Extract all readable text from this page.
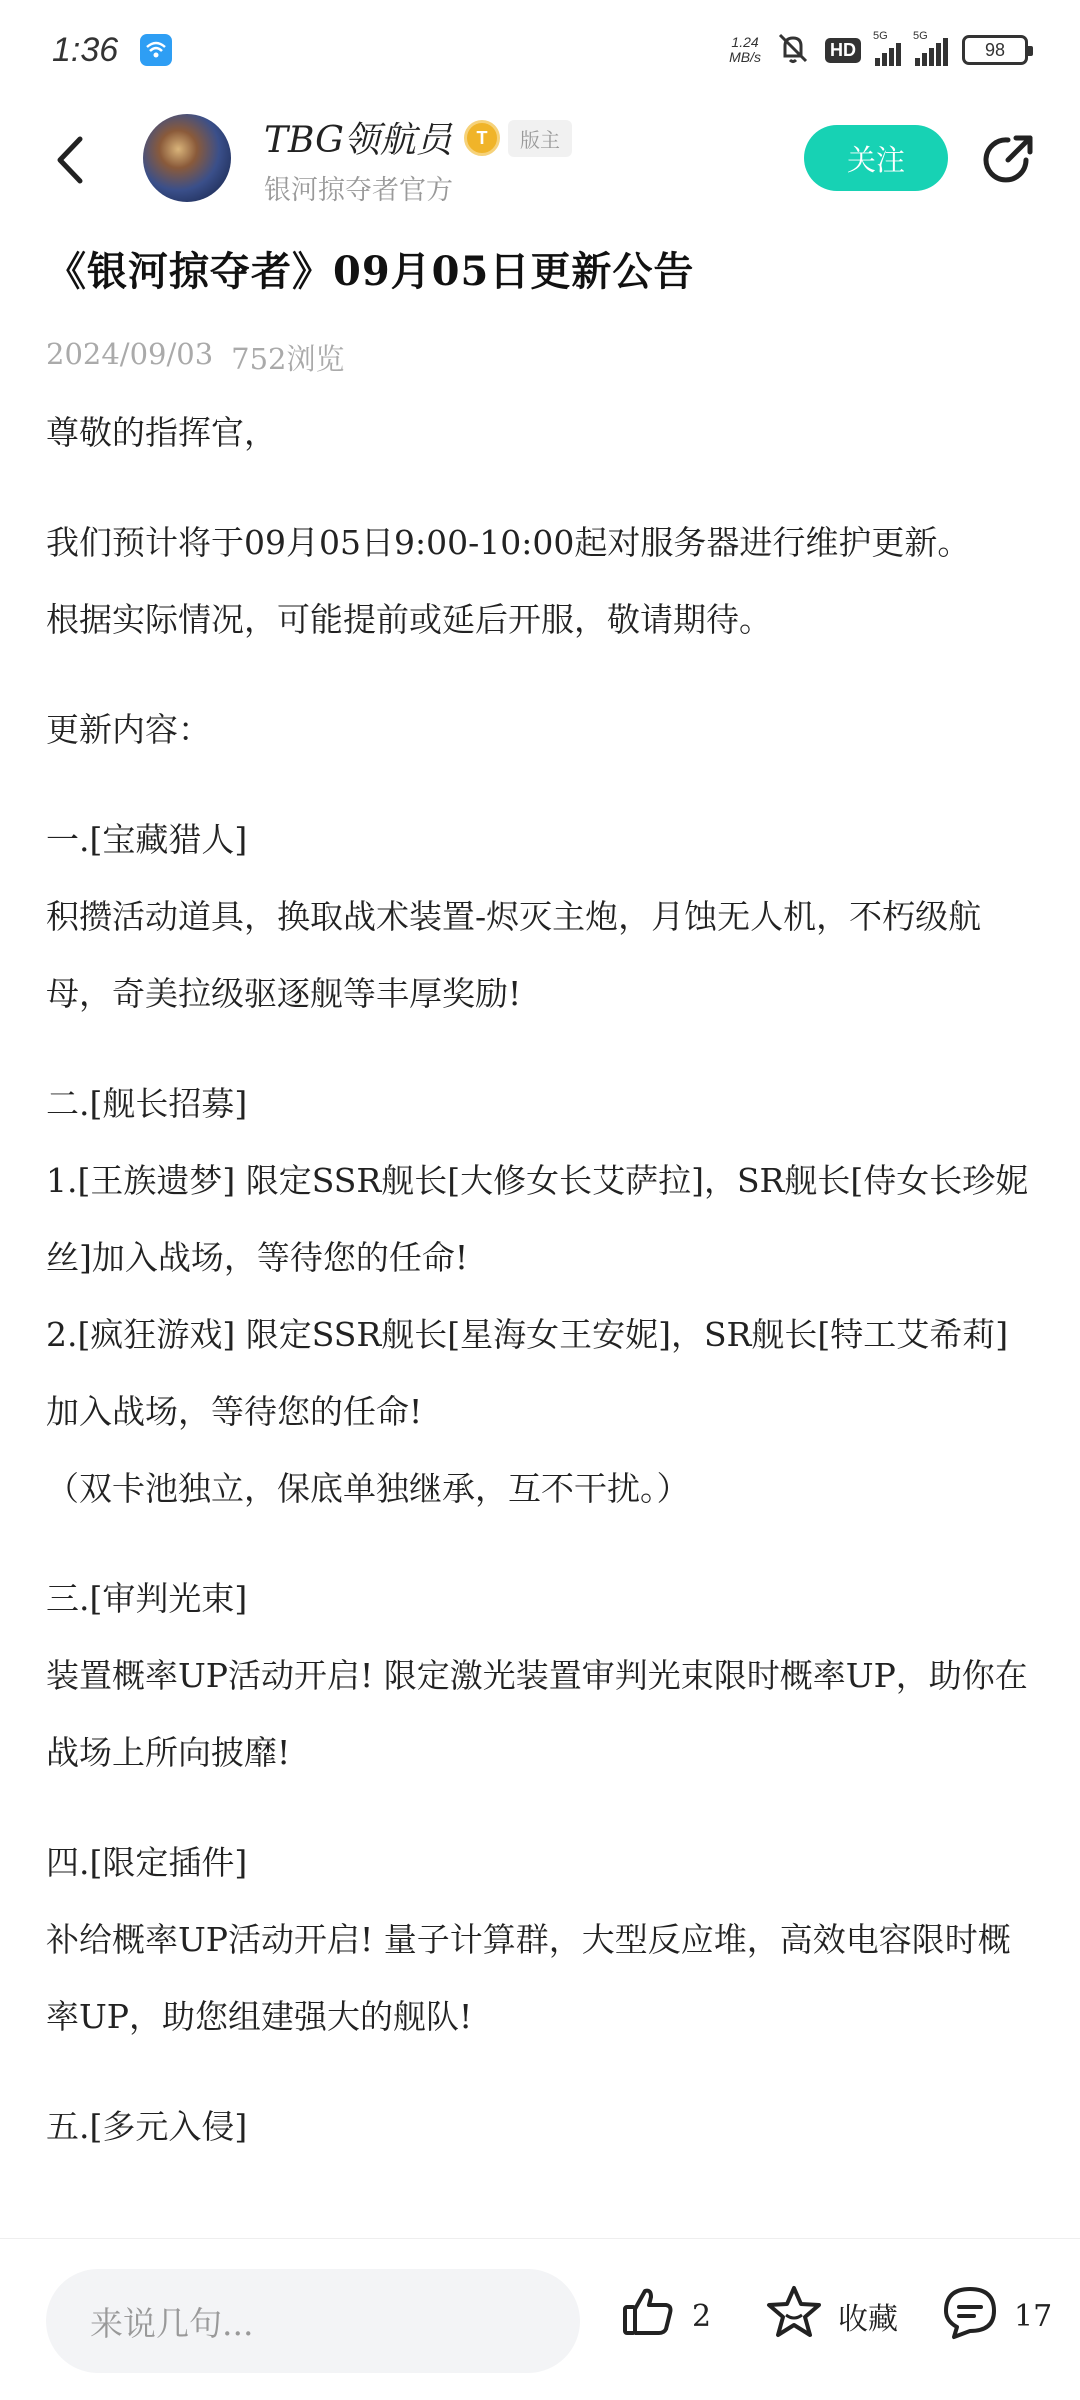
1:36	1.24
MB/s	HD
5G 5G
98
TBG领航员	T	版主
银河掠夺者官方
关注
《银河掠夺者》09月05日更新公告
2024/09/03 752浏览
尊敬的指挥官，
我们预计将于09月05日9:00-10:00起对服务器进行维护更新。
根据实际情况，可能提前或延后开服，敬请期待。
更新内容：
一.[宝藏猎人]
积攒活动道具，换取战术装置-烬灭主炮，月蚀无人机，不朽级航母，奇美拉级驱逐舰等丰厚奖励!
二.[舰长招募]
1.[王族遗梦] 限定SSR舰长[大修女长艾萨拉]，SR舰长[侍女长珍妮丝]加入战场，等待您的任命!
2.[疯狂游戏] 限定SSR舰长[星海女王安妮]，SR舰长[特工艾希莉]加入战场，等待您的任命!
（双卡池独立，保底单独继承，互不干扰。）
三.[审判光束]
装置概率UP活动开启! 限定激光装置审判光束限时概率UP，助你在战场上所向披靡!
四.[限定插件]
补给概率UP活动开启! 量子计算群，大型反应堆，高效电容限时概率UP，助您组建强大的舰队!
五.[多元入侵]
来说几句...	2	收藏	17
